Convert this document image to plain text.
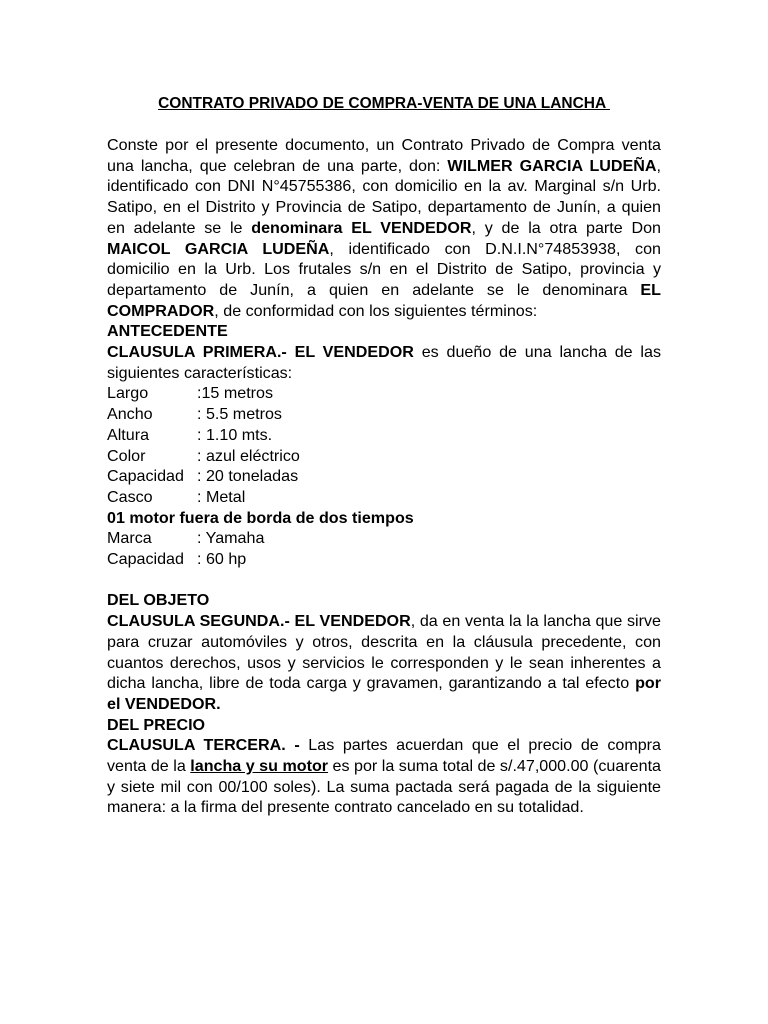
CONTRATO PRIVADO DE COMPRA-VENTA DE UNA LANCHA

Conste por el presente documento, un Contrato Privado de Compra venta una lancha, que celebran de una parte, don: WILMER GARCIA LUDEÑA, identificado con DNI N°45755386, con domicilio en la av. Marginal s/n Urb. Satipo, en el Distrito y Provincia de Satipo, departamento de Junín, a quien en adelante se le denominara EL VENDEDOR, y de la otra parte Don MAICOL GARCIA LUDEÑA, identificado con D.N.I.N°74853938, con domicilio en la Urb. Los frutales s/n en el Distrito de Satipo, provincia y departamento de Junín, a quien en adelante se le denominara EL COMPRADOR, de conformidad con los siguientes términos:

ANTECEDENTE

CLAUSULA PRIMERA.- EL VENDEDOR es dueño de una lancha de las siguientes características:

Largo	:15 metros
Ancho	: 5.5 metros
Altura	: 1.10 mts.
Color	: azul eléctrico
Capacidad : 20 toneladas
Casco	: Metal
01 motor fuera de borda de dos tiempos
Marca	: Yamaha
Capacidad : 60 hp
DEL OBJETO

CLAUSULA SEGUNDA.- EL VENDEDOR, da en venta la la lancha que sirve para cruzar automóviles y otros, descrita en la cláusula precedente, con cuantos derechos, usos y servicios le corresponden y le sean inherentes a dicha lancha, libre de toda carga y gravamen, garantizando a tal efecto por el VENDEDOR.

DEL PRECIO

CLAUSULA TERCERA. - Las partes acuerdan que el precio de compra venta de la lancha y su motor es por la suma total de s/.47,000.00 (cuarenta y siete mil con 00/100 soles). La suma pactada será pagada de la siguiente manera: a la firma del presente contrato cancelado en su totalidad.
